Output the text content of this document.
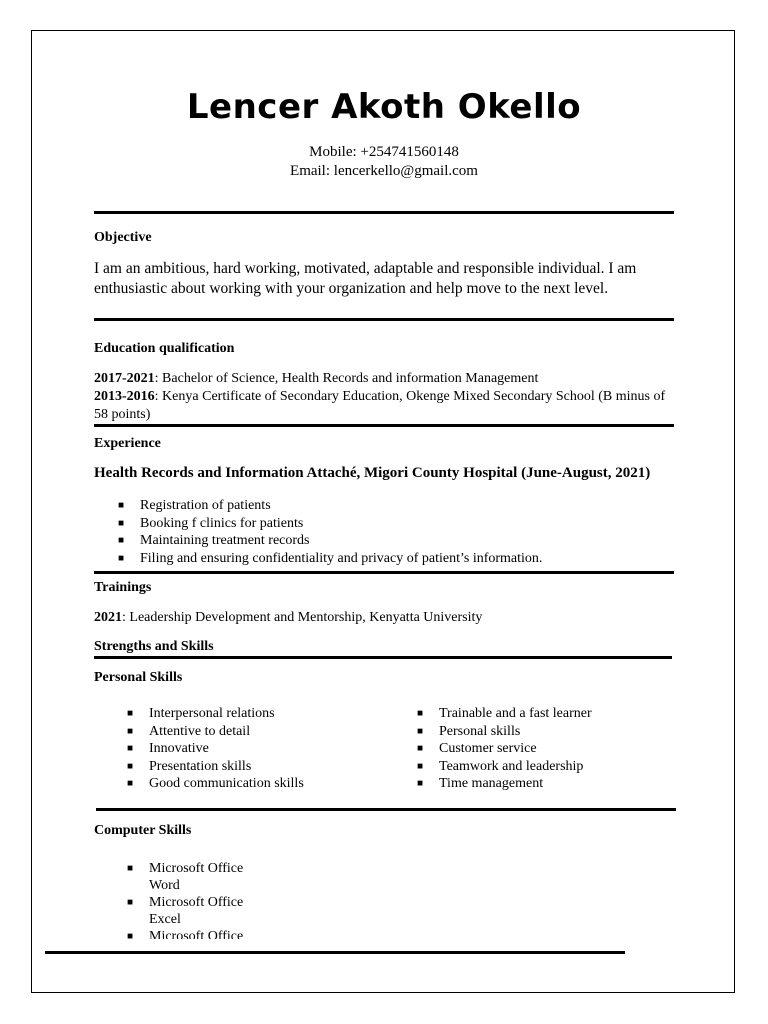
Lencer Akoth Okello
Mobile: +254741560148
Email: lencerkello@gmail.com
Objective
I am an ambitious, hard working, motivated, adaptable and responsible individual. I am enthusiastic about working with your organization and help move to the next level.
Education qualification
2017-2021: Bachelor of Science, Health Records and information Management
2013-2016: Kenya Certificate of Secondary Education, Okenge Mixed Secondary School (B minus of 58 points)
Experience
Health Records and Information Attaché, Migori County Hospital (June-August, 2021)
■ Registration of patients
■ Booking f clinics for patients
■ Maintaining treatment records
■ Filing and ensuring confidentiality and privacy of patient’s information.
Trainings
2021: Leadership Development and Mentorship, Kenyatta University
Strengths and Skills
Personal Skills
■ Interpersonal relations
■ Attentive to detail
■ Innovative
■ Presentation skills
■ Good communication skills
■ Trainable and a fast learner
■ Personal skills
■ Customer service
■ Teamwork and leadership
■ Time management
Computer Skills
■ Microsoft Office Word
■ Microsoft Office Excel
■ Microsoft Office
